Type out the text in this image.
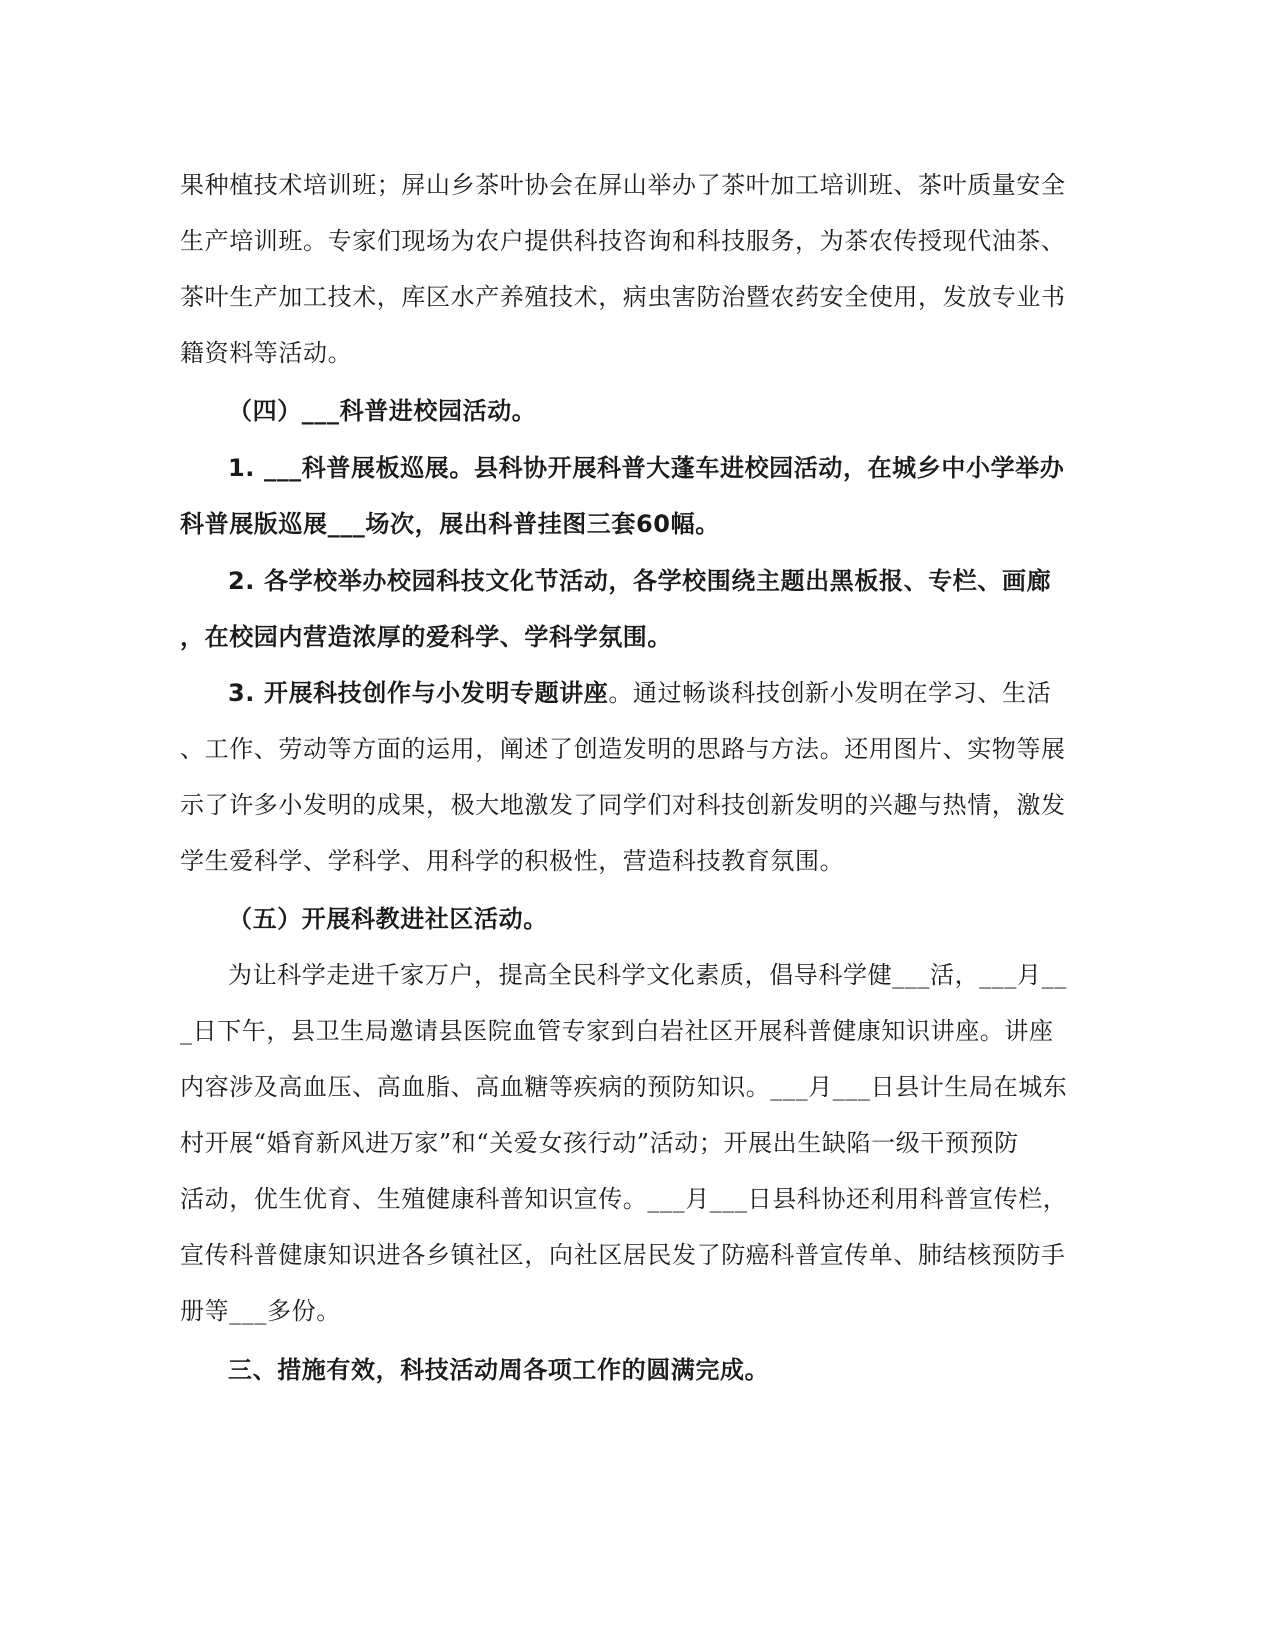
果种植技术培训班；屏山乡茶叶协会在屏山举办了茶叶加工培训班、茶叶质量安全
生产培训班。专家们现场为农户提供科技咨询和科技服务，为茶农传授现代油茶、
茶叶生产加工技术，库区水产养殖技术，病虫害防治暨农药安全使用，发放专业书
籍资料等活动。
（四）___科普进校园活动。
1. ___科普展板巡展。县科协开展科普大蓬车进校园活动，在城乡中小学举办
科普展版巡展___场次，展出科普挂图三套60幅。
2. 各学校举办校园科技文化节活动，各学校围绕主题出黑板报、专栏、画廊
，在校园内营造浓厚的爱科学、学科学氛围。
3. 开展科技创作与小发明专题讲座。通过畅谈科技创新小发明在学习、生活
、工作、劳动等方面的运用，阐述了创造发明的思路与方法。还用图片、实物等展
示了许多小发明的成果，极大地激发了同学们对科技创新发明的兴趣与热情，激发
学生爱科学、学科学、用科学的积极性，营造科技教育氛围。
（五）开展科教进社区活动。
为让科学走进千家万户，提高全民科学文化素质，倡导科学健___活，___月__
_日下午，县卫生局邀请县医院血管专家到白岩社区开展科普健康知识讲座。讲座
内容涉及高血压、高血脂、高血糖等疾病的预防知识。___月___日县计生局在城东
村开展“婚育新风进万家”和“关爱女孩行动”活动；开展出生缺陷一级干预预防
活动，优生优育、生殖健康科普知识宣传。___月___日县科协还利用科普宣传栏，
宣传科普健康知识进各乡镇社区，向社区居民发了防癌科普宣传单、肺结核预防手
册等___多份。
三、措施有效，科技活动周各项工作的圆满完成。
